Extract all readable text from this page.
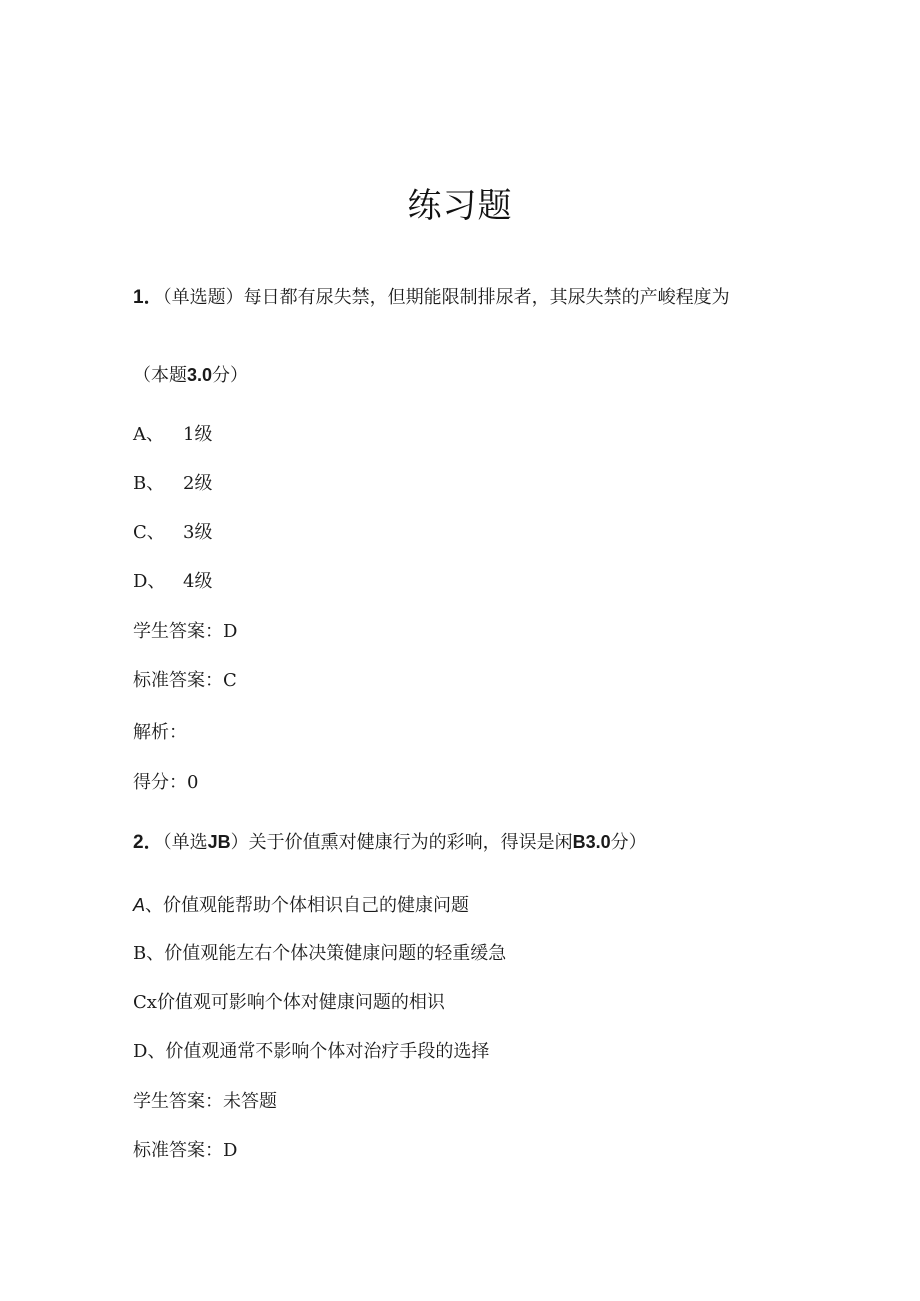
练习题
1．（单选题）每日都有尿失禁，但期能限制排尿者，其尿失禁的产峻程度为
（本题3.0分）
A、 1级
B、 2级
C、 3级
D、 4级
学生答案：D
标准答案：C
解析：
得分：0
2．（单选JB）关于价值熏对健康行为的彩响，得误是闲B3.0分）
A、价值观能帮助个体相识自己的健康问题
B、价值观能左右个体决策健康问题的轻重缓急
Cx价值观可影响个体对健康问题的相识
D、价值观通常不影响个体对治疗手段的选择
学生答案：未答题
标准答案：D
